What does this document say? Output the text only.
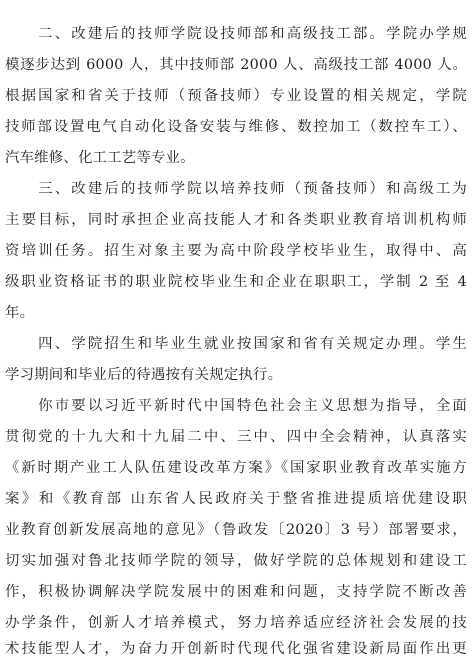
　　二、改建后的技师学院设技师部和高级技工部。学院办学规
模逐步达到 6000 人，其中技师部 2000 人、高级技工部 4000 人。
根据国家和省关于技师（预备技师）专业设置的相关规定，学院
技师部设置电气自动化设备安装与维修、数控加工（数控车工）、
汽车维修、化工工艺等专业。
　　三、改建后的技师学院以培养技师（预备技师）和高级工为
主要目标，同时承担企业高技能人才和各类职业教育培训机构师
资培训任务。招生对象主要为高中阶段学校毕业生，取得中、高
级职业资格证书的职业院校毕业生和企业在职职工，学制 2 至 4
年。
　　四、学院招生和毕业生就业按国家和省有关规定办理。学生
学习期间和毕业后的待遇按有关规定执行。
　　你市要以习近平新时代中国特色社会主义思想为指导，全面
贯彻党的十九大和十九届二中、三中、四中全会精神，认真落实
《新时期产业工人队伍建设改革方案》《国家职业教育改革实施方
案》和《教育部 山东省人民政府关于整省推进提质培优建设职
业教育创新发展高地的意见》（鲁政发〔2020〕3 号）部署要求，
切实加强对鲁北技师学院的领导，做好学院的总体规划和建设工
作，积极协调解决学院发展中的困难和问题，支持学院不断改善
办学条件，创新人才培养模式，努力培养适应经济社会发展的技
术技能型人才，为奋力开创新时代现代化强省建设新局面作出更
